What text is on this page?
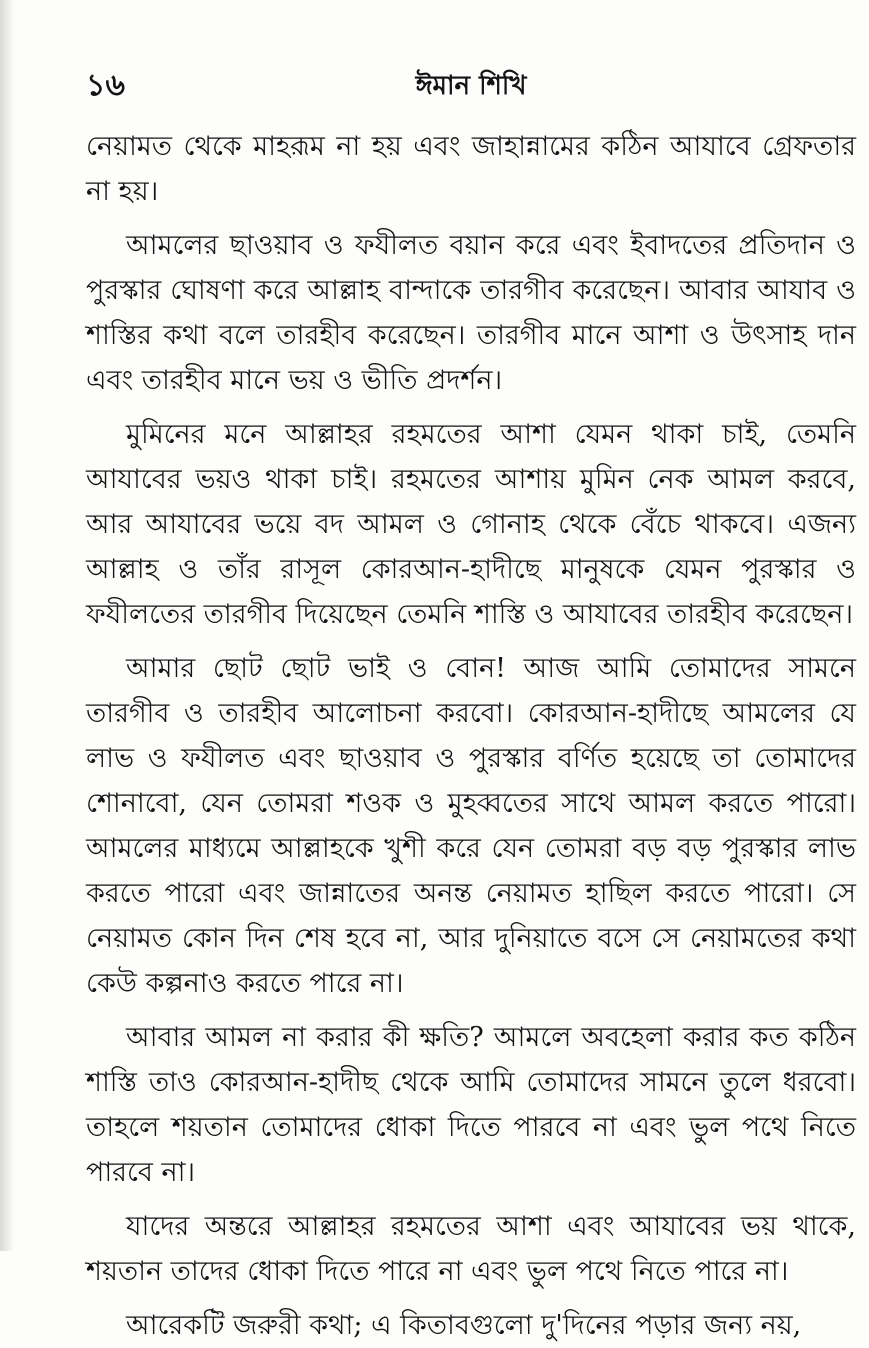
১৬	ঈমান শিখি

নেয়ামত থেকে মাহরূম না হয় এবং জাহান্নামের কঠিন আযাবে গ্রেফতার না হয়।

আমলের ছাওয়াব ও ফযীলত বয়ান করে এবং ইবাদতের প্রতিদান ও পুরস্কার ঘোষণা করে আল্লাহ বান্দাকে তারগীব করেছেন। আবার আযাব ও শাস্তির কথা বলে তারহীব করেছেন। তারগীব মানে আশা ও উৎসাহ দান এবং তারহীব মানে ভয় ও ভীতি প্রদর্শন।

মুমিনের মনে আল্লাহর রহমতের আশা যেমন থাকা চাই, তেমনি আযাবের ভয়ও থাকা চাই। রহমতের আশায় মুমিন নেক আমল করবে, আর আযাবের ভয়ে বদ আমল ও গোনাহ থেকে বেঁচে থাকবে। এজন্য আল্লাহ ও তাঁর রাসূল কোরআন-হাদীছে মানুষকে যেমন পুরস্কার ও ফযীলতের তারগীব দিয়েছেন তেমনি শাস্তি ও আযাবের তারহীব করেছেন।

আমার ছোট ছোট ভাই ও বোন! আজ আমি তোমাদের সামনে তারগীব ও তারহীব আলোচনা করবো। কোরআন-হাদীছে আমলের যে লাভ ও ফযীলত এবং ছাওয়াব ও পুরস্কার বর্ণিত হয়েছে তা তোমাদের শোনাবো, যেন তোমরা শওক ও মুহব্বতের সাথে আমল করতে পারো। আমলের মাধ্যমে আল্লাহকে খুশী করে যেন তোমরা বড় বড় পুরস্কার লাভ করতে পারো এবং জান্নাতের অনন্ত নেয়ামত হাছিল করতে পারো। সে নেয়ামত কোন দিন শেষ হবে না, আর দুনিয়াতে বসে সে নেয়ামতের কথা কেউ কল্পনাও করতে পারে না।

আবার আমল না করার কী ক্ষতি? আমলে অবহেলা করার কত কঠিন শাস্তি তাও কোরআন-হাদীছ থেকে আমি তোমাদের সামনে তুলে ধরবো। তাহলে শয়তান তোমাদের ধোকা দিতে পারবে না এবং ভুল পথে নিতে পারবে না।

যাদের অন্তরে আল্লাহর রহমতের আশা এবং আযাবের ভয় থাকে, শয়তান তাদের ধোকা দিতে পারে না এবং ভুল পথে নিতে পারে না।

আরেকটি জরুরী কথা; এ কিতাবগুলো দু'দিনের পড়ার জন্য নয়,
